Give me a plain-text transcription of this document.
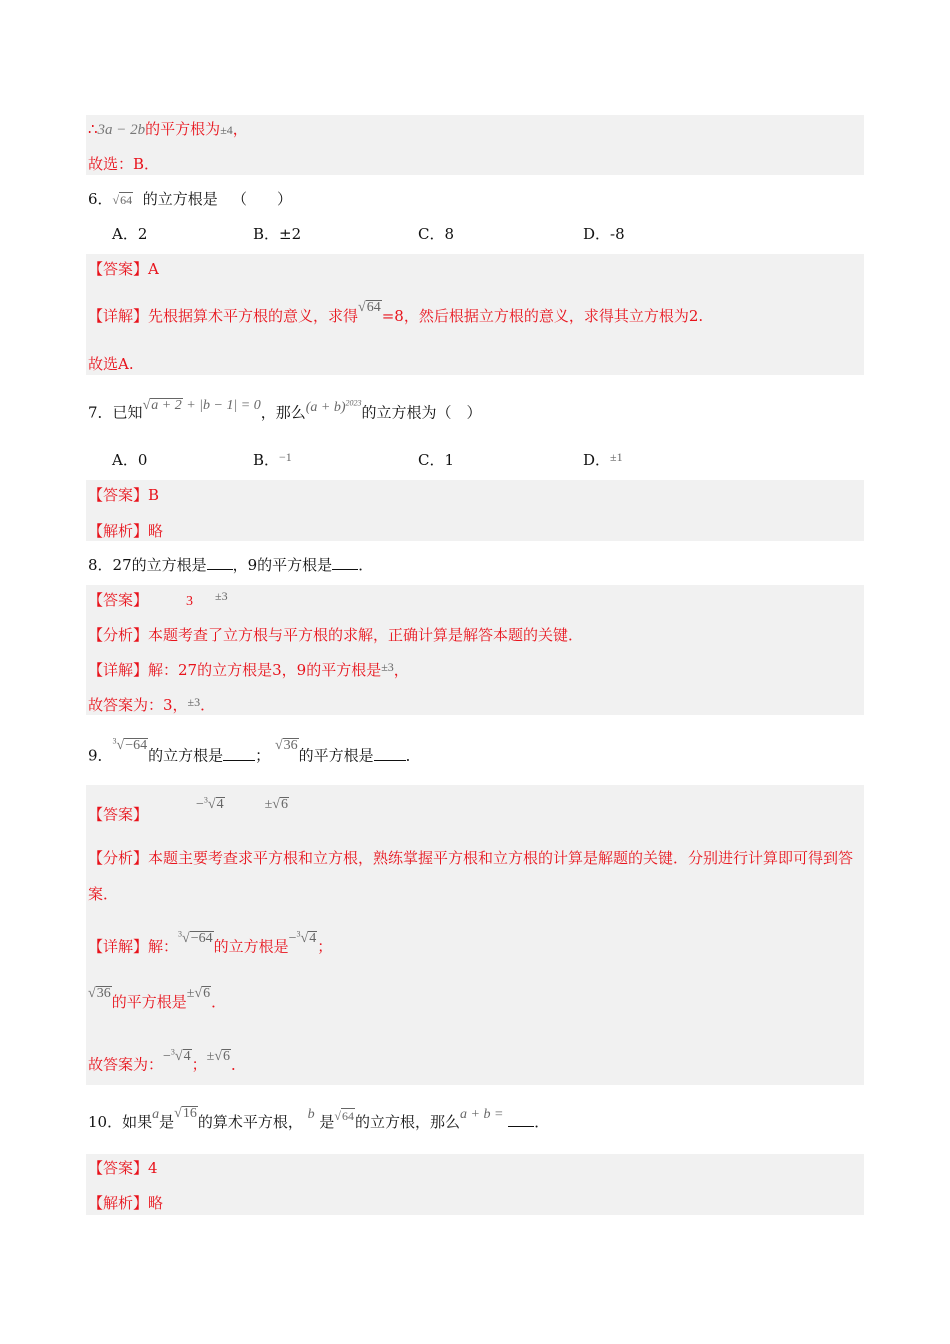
∴3a − 2b的平方根为±4，
故选：B．
6．√64 的立方根是 （　　）
A．2	B．±2	C．8	D．-8
【答案】A
【详解】先根据算术平方根的意义，求得√64=8，然后根据立方根的意义，求得其立方根为2.
故选A.
7．已知√a + 2 + |b − 1| = 0，那么$(a + b)^{2023}$的立方根为（　）
A．0	B．$^{-1}$	C．1	D．$^{\pm 1}$
【答案】B
【解析】略
8．27的立方根是 ，9的平方根是 ．
【答案】	3 $^{\pm 3}$
【分析】本题考查了立方根与平方根的求解，正确计算是解答本题的关键．
【详解】解：27的立方根是3，9的平方根是$^{\pm 3}$，
故答案为：3，$^{\pm 3}$．
9．$^3$√−64的立方根是 ； √36的平方根是 ．
【答案】−$^3$√4	±√6
【分析】本题主要考查求平方根和立方根，熟练掌握平方根和立方根的计算是解题的关键．分别进行计算即可得到答案．
【详解】解：$^3$√−64的立方根是−$^3$√4；
√36的平方根是±√6．
故答案为：−$^3$√4；±√6．
10．如果a是√16的算术平方根， b 是$^{√64}$的立方根，那么a + b = ．
【答案】4
【解析】略
